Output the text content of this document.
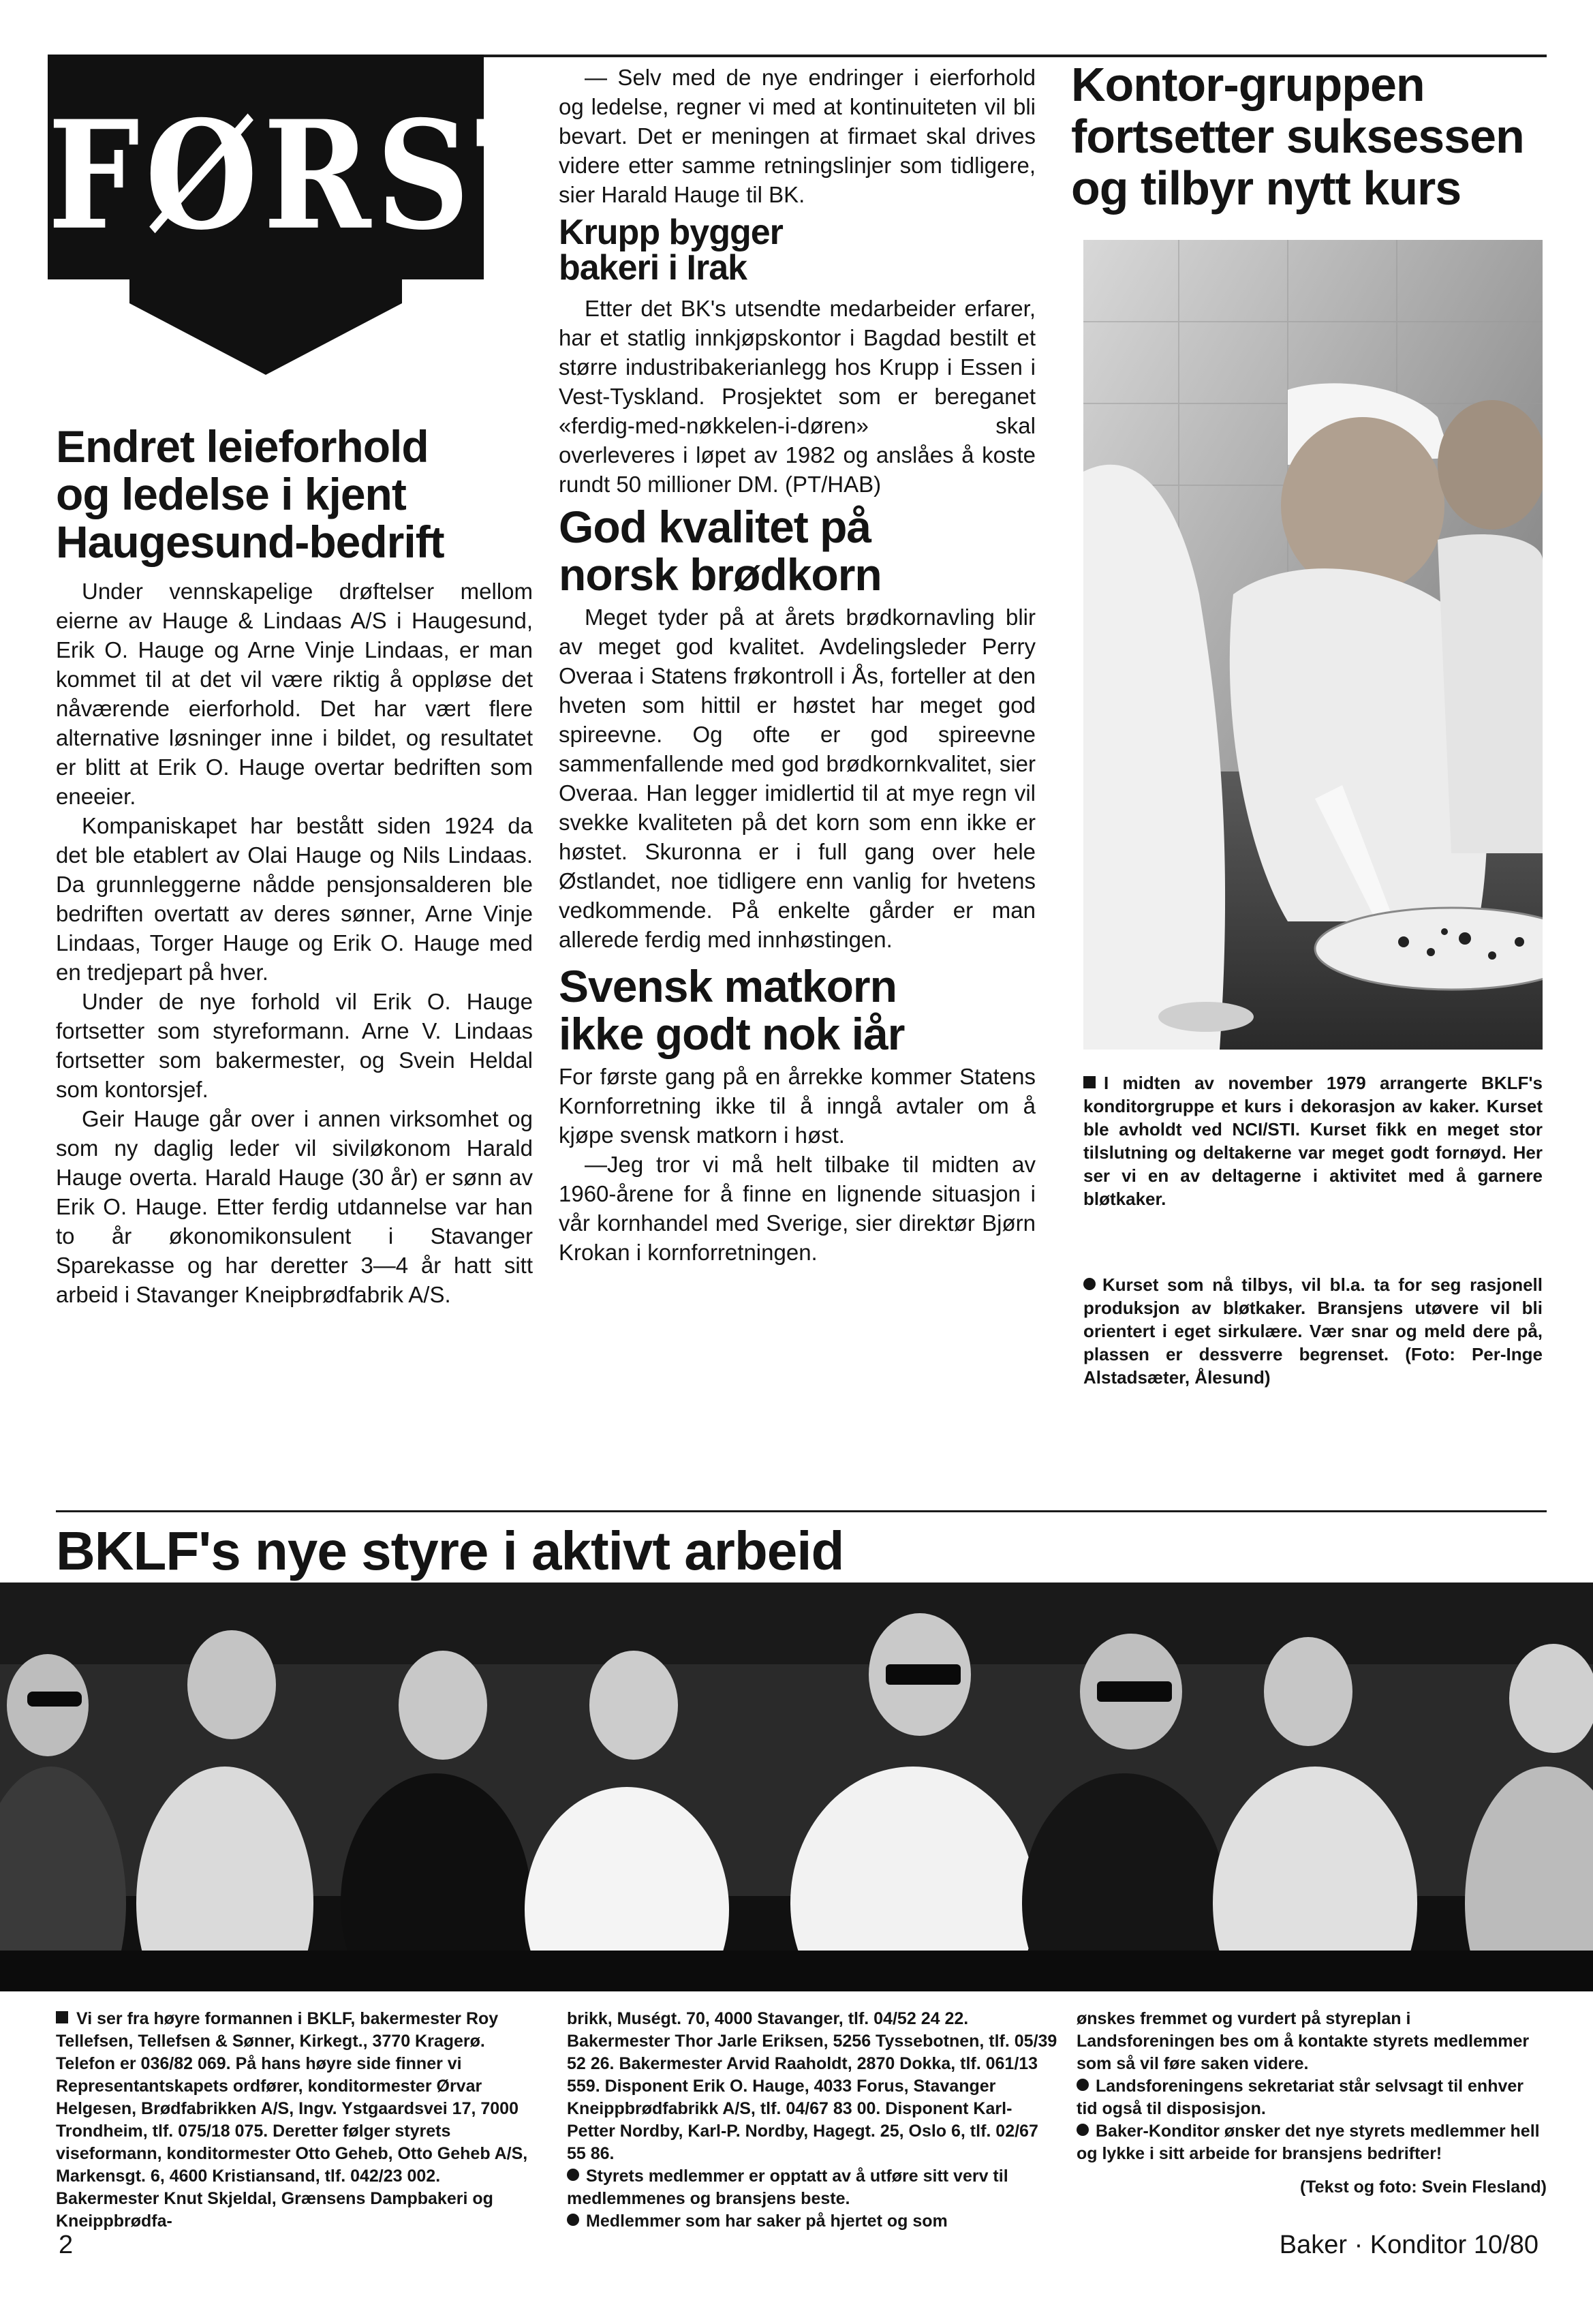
FØRST
Endret leieforhold
og ledelse i kjent
Haugesund-bedrift

Under vennskapelige drøftelser mellom eierne av Hauge & Lindaas A/S i Haugesund, Erik O. Hauge og Arne Vinje Lindaas, er man kommet til at det vil være riktig å oppløse det nåværende eierforhold. Det har vært flere alternative løsninger inne i bildet, og resultatet er blitt at Erik O. Hauge overtar bedriften som eneeier.

Kompaniskapet har bestått siden 1924 da det ble etablert av Olai Hauge og Nils Lindaas. Da grunnleggerne nådde pensjonsalderen ble bedriften overtatt av deres sønner, Arne Vinje Lindaas, Torger Hauge og Erik O. Hauge med en tredjepart på hver.

Under de nye forhold vil Erik O. Hauge fortsetter som styreformann. Arne V. Lindaas fortsetter som bakermester, og Svein Heldal som kontorsjef.

Geir Hauge går over i annen virksomhet og som ny daglig leder vil siviløkonom Harald Hauge overta. Harald Hauge (30 år) er sønn av Erik O. Hauge. Etter ferdig utdannelse var han to år økonomikonsulent i Stavanger Sparekasse og har deretter 3—4 år hatt sitt arbeid i Stavanger Kneipbrødfabrik A/S.

— Selv med de nye endringer i eierforhold og ledelse, regner vi med at kontinuiteten vil bli bevart. Det er meningen at firmaet skal drives videre etter samme retningslinjer som tidligere, sier Harald Hauge til BK.

Krupp bygger
bakeri i Irak

Etter det BK's utsendte medarbeider erfarer, har et statlig innkjøpskontor i Bagdad bestilt et større industribakerianlegg hos Krupp i Essen i Vest-Tyskland. Prosjektet som er bereganet «ferdig-med-nøkkelen-i-døren» skal overleveres i løpet av 1982 og anslåes å koste rundt 50 millioner DM. (PT/HAB)

God kvalitet på
norsk brødkorn

Meget tyder på at årets brødkornavling blir av meget god kvalitet. Avdelingsleder Perry Overaa i Statens frøkontroll i Ås, forteller at den hveten som hittil er høstet har meget god spireevne. Og ofte er god spireevne sammenfallende med god brødkornkvalitet, sier Overaa. Han legger imidlertid til at mye regn vil svekke kvaliteten på det korn som enn ikke er høstet. Skuronna er i full gang over hele Østlandet, noe tidligere enn vanlig for hvetens vedkommende. På enkelte gårder er man allerede ferdig med innhøstingen.

Svensk matkorn
ikke godt nok iår

For første gang på en årrekke kommer Statens Kornforretning ikke til å inngå avtaler om å kjøpe svensk matkorn i høst.

—Jeg tror vi må helt tilbake til midten av 1960-årene for å finne en lignende situasjon i vår kornhandel med Sverige, sier direktør Bjørn Krokan i kornforretningen.

Kontor-gruppen
fortsetter suksessen
og tilbyr nytt kurs

I midten av november 1979 arrangerte BKLF's konditorgruppe et kurs i dekorasjon av kaker. Kurset ble avholdt ved NCI/STI. Kurset fikk en meget stor tilslutning og deltakerne var meget godt fornøyd. Her ser vi en av deltagerne i aktivitet med å garnere bløtkaker.

Kurset som nå tilbys, vil bl.a. ta for seg rasjonell produksjon av bløtkaker. Bransjens utøvere vil bli orientert i eget sirkulære. Vær snar og meld dere på, plassen er dessverre begrenset. (Foto: Per-Inge Alstadsæter, Ålesund)

BKLF's nye styre i aktivt arbeid

Vi ser fra høyre formannen i BKLF, bakermester Roy Tellefsen, Tellefsen & Sønner, Kirkegt., 3770 Kragerø. Telefon er 036/82 069. På hans høyre side finner vi Representantskapets ordfører, konditormester Ørvar Helgesen, Brødfabrikken A/S, Ingv. Ystgaardsvei 17, 7000 Trondheim, tlf. 075/18 075. Deretter følger styrets viseformann, konditormester Otto Geheb, Otto Geheb A/S, Markensgt. 6, 4600 Kristiansand, tlf. 042/23 002. Bakermester Knut Skjeldal, Grænsens Dampbakeri og Kneippbrødfa-

brikk, Muségt. 70, 4000 Stavanger, tlf. 04/52 24 22. Bakermester Thor Jarle Eriksen, 5256 Tyssebotnen, tlf. 05/39 52 26. Bakermester Arvid Raaholdt, 2870 Dokka, tlf. 061/13 559. Disponent Erik O. Hauge, 4033 Forus, Stavanger Kneippbrødfabrikk A/S, tlf. 04/67 83 00. Disponent Karl-Petter Nordby, Karl-P. Nordby, Hagegt. 25, Oslo 6, tlf. 02/67 55 86.

Styrets medlemmer er opptatt av å utføre sitt verv til medlemmenes og bransjens beste.

Medlemmer som har saker på hjertet og som

ønskes fremmet og vurdert på styreplan i Landsforeningen bes om å kontakte styrets medlemmer som så vil føre saken videre.

Landsforeningens sekretariat står selvsagt til enhver tid også til disposisjon.

Baker-Konditor ønsker det nye styrets medlemmer hell og lykke i sitt arbeide for bransjens bedrifter!

(Tekst og foto: Svein Flesland)

2	Baker · Konditor 10/80
